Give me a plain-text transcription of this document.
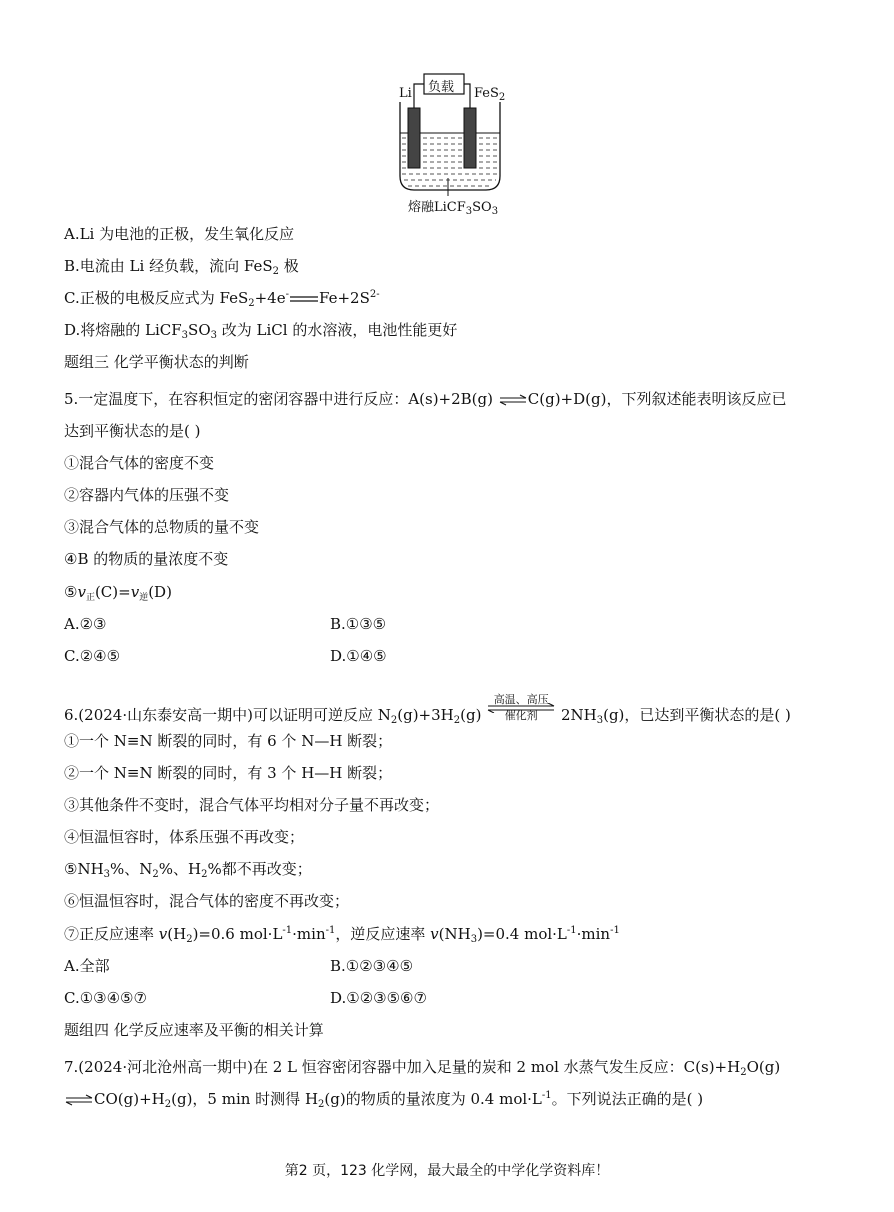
负载
Li	FeS$_2$
熔融$LiCF_3SO_3$
A.Li 为电池的正极，发生氧化反应
B.电流由 Li 经负载，流向 FeS$_2$ 极
C.正极的电极反应式为 FeS$_2$+4e- $Fe+2S^{2-}$
D.将熔融的 $LiCF_3SO_3$ 改为 LiCl 的水溶液，电池性能更好
题组三 化学平衡状态的判断
5.一定温度下，在容积恒定的密闭容器中进行反应：A(s)+2B(g) ⇌C(g)+D(g)，下列叙述能表明该反应已
达到平衡状态的是( )
①混合气体的密度不变
②容器内气体的压强不变
③混合气体的总物质的量不变
④B 的物质的量浓度不变
$⑤v_正(C)=v_逆(D)$
A.②③	B.①③⑤
C.②④⑤	D.①④⑤
6.(2024·山东泰安高一期中)可以证明可逆反应 $N_2(g)+3H_2(g)$
高温、高压
催化剂	$2NH_3(g)$，已达到平衡状态的是( )
①一个 N≡N 断裂的同时，有 6 个 N—H 断裂；
②一个 N≡N 断裂的同时，有 3 个 H—H 断裂；
③其他条件不变时，混合气体平均相对分子量不再改变；
④恒温恒容时，体系压强不再改变；
$⑤NH_3\%$、$N_2\%$、$H_2\%$都不再改变；
⑥恒温恒容时，混合气体的密度不再改变；
⑦正反应速率 $v(H_2)=0.6$ $mol\cdot L^{-1}\cdot\min^{-1}$，逆反应速率 $v(NH_3)=0.4$ $mol\cdot L^{-1}\cdot\min^{-1}$
A.全部	B.①②③④⑤
C.①③④⑤⑦	D.①②③⑤⑥⑦
题组四 化学反应速率及平衡的相关计算
7.(2024·河北沧州高一期中)在 2 L 恒容密闭容器中加入足量的炭和 2 mol 水蒸气发生反应：$C(s)+H_2O(g)$
$\rightleftharpoons CO(g)+H_2(g)$，5 min 时测得 $H_2(g)$的物质的量浓度为 0.4 $mol\cdot L^{-1}$。下列说法正确的是( )
第2 页，123 化学网，最大最全的中学化学资料库！
